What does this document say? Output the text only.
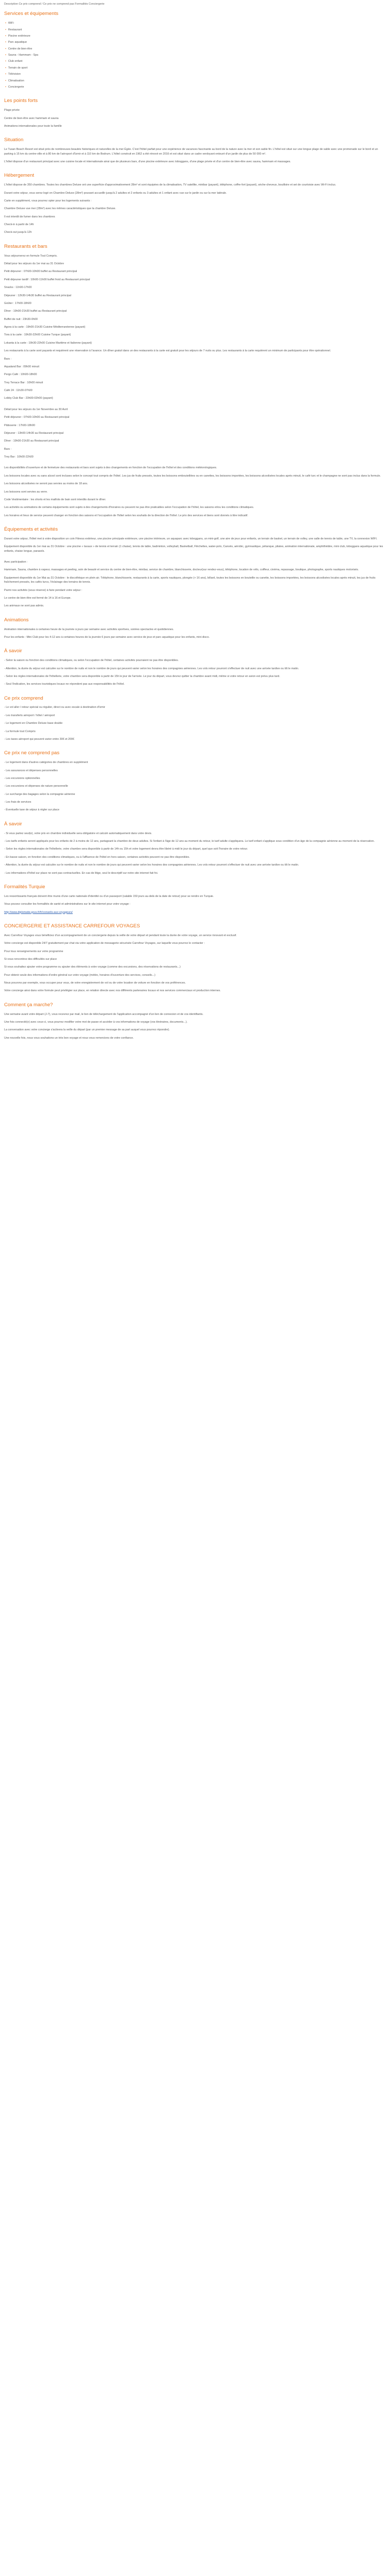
Description Ce prix comprend / Ce prix ne comprend pas Formalités Conciergerie
Services et équipements
• WiFi
• Restaurant
• Piscine extérieure
• Parc aquatique
• Centre de bien-être
• Sauna - Hammam - Spa
• Club enfant
• Terrain de sport
• Télévision
• Climatisation
• Conciergerie
Les points forts
Plage privée
Centre de bien-être avec hammam et sauna
Animations internationales pour toute la famille
Situation

Le Tusan Beach Resort est situé près de nombreuses beautés historiques et naturelles de la mer Égée. C'est l'hôtel parfait pour une expérience de vacances fascinante au bord de la nature avec la mer et son sable fin. L'hôtel est situé sur une longue plage de sable avec une promenade sur le bord et un parking à 15 km du centre-ville et à 80 km de l'aéroport d'Izmir et à 110 km de Bodrum. L'hôtel construit en 1962 a été rénové en 2016 et est situé dans un cadre verdoyant entouré d'un jardin de plus de 50 000 m².

L'hôtel dispose d'un restaurant principal avec une cuisine locale et internationale ainsi que de plusieurs bars, d'une piscine extérieure avec toboggans, d'une plage privée et d'un centre de bien-être avec sauna, hammam et massages.

Hébergement

L'hôtel dispose de 350 chambres. Toutes les chambres Deluxe ont une superficie d'approximativement 28m² et sont équipées de la climatisation, TV satellite, minibar (payant), téléphone, coffre-fort (payant), sèche-cheveux, bouilloire et set de courtoisie avec Wi-Fi inclus.

Durant votre séjour, vous serez logé en Chambre Deluxe (28m²) pouvant accueillir jusqu'à 2 adultes et 2 enfants ou 3 adultes et 1 enfant avec vue sur le jardin ou sur la mer latérale.

Carte en supplément, vous pourrez opter pour les logements suivants :

Chambre Deluxe vue mer (28m²) avec les mêmes caractéristiques que la chambre Deluxe.

Il est interdit de fumer dans les chambres

Check-in à partir de 14h

Check-out jusqu'à 12h

Restaurants et bars

Vous séjournerez en formule Tout Compris.

Détail pour les séjours du 1er mai au 31 Octobre

Petit déjeuner : 07h00-10h00 buffet au Restaurant principal
Petit déjeuner tardif : 10h00-11h00 buffet froid au Restaurant principal
Snacks : 11h00-17h00
Déjeuner : 12h30-14h30 buffet au Restaurant principal
Goûter : 17h00-18h00
Dîner : 19h00-21h30 buffet au Restaurant principal
Buffet de nuit : 23h30-0h00
Agora à la carte : 19h00-21h30 Cuisine Méditerranéenne (payant)
Tora à la carte : 19h30-22h00 Cuisine Turque (payant)
Lokanta à la carte : 19h30-22h00 Cuisine Maritime et Italienne (payant)

Les restaurants à la carte sont payants et requièrent une réservation à l'avance. Un dîner gratuit dans un des restaurants à la carte est gratuit pour les séjours de 7 nuits ou plus. Les restaurants à la carte requièrent un minimum de participants pour être opérationnel.

Bars :

Aqualand Bar : 09h00 minuit
Pergo Café : 10h00-18h00
Trey Terrace Bar : 10h00 minuit
Café 24 : 11h30-07h00
Lobby Club Bar : 23h00-02h00 (payant)

Détail pour les séjours du 1er Novembre au 30 Avril

Petit déjeuner : 07h00-10h00 au Restaurant principal
Pâtisserie : 17h00-18h00
Déjeuner : 13h00-14h30 au Restaurant principal
Dîner : 19h00-21h30 au Restaurant principal

Bars :

Trey Bar : 10h00-22h00

Les disponibilités d'ouverture et de fermeture des restaurants et bars sont sujets à des changements en fonction de l'occupation de l'hôtel et des conditions météorologiques.

Les boissons locales avec ou sans alcool sont incluses selon le concept tout compris de l'hôtel. Les jus de fruits pressés, toutes les boissons embouteillées ou en canettes, les boissons importées, les boissons alcoolisées locales après minuit, le café turc et le champagne ne sont pas inclus dans la formule.

Les boissons alcoolisées ne seront pas servies au moins de 18 ans.

Les boissons sont servies au verre.

Code Vestimentaire : les shorts et les maillots de bain sont interdits durant le dîner.

Les activités ou animations de certains équipements sont sujets à des changements d'horaires ou peuvent ne pas être praticables selon l'occupation de l'hôtel, les saisons et/ou les conditions climatiques.

Les horaires et lieux de service peuvent changer en fonction des saisons et l'occupation de l'hôtel selon les souhaits de la direction de l'hôtel. Le prix des services et biens sont donnés à titre indicatif.

Équipements et activités

Durant votre séjour, l'hôtel met à votre disposition un coin Fitness extérieur, une piscine principale extérieure, une piscine intérieure, un aquaparc avec toboggans, un mini-golf, une aire de jeux pour enfants, un terrain de basket, un terrain de volley, une salle de tennis de table, une TV, la connexion WIFI.

Équipement disponible du 1er mai au 31 Octobre : une piscine « lavaux » de tennis et terrain (1 chaise), tennis de table, badminton, volleyball, Basketball, Fléchettes, water-polo, Canoës, aérobic, gymnastique, pétanque, pilates, animation internationale, amphithéâtre, mini club, toboggans aquatique pour les enfants, chaise longue, parasols.

Avec participation :

Hammam, Sauna, chambre à vapeur, massages et peeling, soin de beauté et service du centre de bien-être, minibar, service de chambre, blanchisserie, docteur(sur rendez-vous), téléphone, location de vélo, coiffeur, cinéma, repassage, boutique, photographe, sports nautiques motorisés.

Équipement disponible du 1er Mai au 31 Octobre : le discothèque en plein air. Téléphone, blanchisserie, restaurants à la carte, sports nautiques, plongée (+ 16 ans), billard, toutes les boissons en bouteille ou canette, les boissons importées, les boissons alcoolisées locales après minuit, les jus de fruits fraîchement pressés, les cafés turcs, l'éclairage des terrains de tennis.

Parmi nos activités (sous réserve) à faire pendant votre séjour :

Le centre de bien-être est fermé de 14 à 16 et Europe.

Les animaux ne sont pas admis.

Animations

Animation internationales à certaines heure de la journée à jours par semaine avec activités sportives, soirées spectacles et quotidiennes.

Pour les enfants : Mini Club pour les 4-12 ans à certaines heures de la journée 6 jours par semaine avec service de jeux et parc aquatique pour les enfants, mini disco.

À savoir
- Selon la saison ou fonction des conditions climatiques, ou selon l'occupation de l'hôtel, certaines activités pourraient ne pas être disponibles.
- Attention, la durée du séjour est calculée sur le nombre de nuits et non le nombre de jours qui peuvent varier selon les horaires des compagnies aériennes. Les vols retour pourront s'effectuer de nuit avec une arrivée tardive ou tôt le matin.
- Selon les règles internationales de l'hôtellerie, votre chambre sera disponible à partir de 15h le jour de l'arrivée. Le jour du départ, vous devrez quitter la chambre avant midi, même si votre retour en avion est prévu plus tard.
- Seul l'indication, les services touristiques locaux ne répondent pas aux responsabilités de l'hôtel.
Ce prix comprend
- Le vol aller / retour spécial ou régulier, direct ou avec escale à destination d'Izmir
- Les transferts aéroport / hôtel / aéroport
- Le logement en Chambre Deluxe base double
- La formule tout Compris
- Les taxes aéroport qui peuvent varier entre 30€ et 200€
Ce prix ne comprend pas
- Le logement dans d'autres catégories de chambres en supplément
- Les assurances et dépenses personnelles
- Les excursions optionnelles
- Les excursions et dépenses de nature personnelle
- Le surcharge des bagages selon la compagnie aérienne
- Les frais de services
- Éventuelle taxe de séjour à régler sur place
À savoir
- Si vous partez seul(e), votre prix en chambre individuelle sera obligatoire et calculé automatiquement dans votre devis.
- Les tarifs enfants seront appliqués pour les enfants de 2 à moins de 12 ans, partageant la chambre de deux adultes. Si l'enfant à l'âge de 12 ans au moment du retour, le tarif adulte s'appliquera. Le tarif enfant s'applique sous condition d'un âge de la compagnie aérienne au moment de la réservation.
- Selon les règles internationales de l'hôtellerie, votre chambre sera disponible à partir de 14h ou 15h et votre logement devra être libéré à midi le jour du départ, quel que soit l'horaire de votre retour.
- En basse saison, en fonction des conditions climatiques, ou à l'affluence de l'hôtel en hors saison, certaines activités peuvent ne pas être disponibles.
- Attention, la durée du séjour est calculée sur le nombre de nuits et non le nombre de jours qui peuvent varier selon les horaires des compagnies aériennes. Les vols retour pourront s'effectuer de nuit avec une arrivée tardive ou tôt le matin.
- Les informations d'hôtel sur place ne sont pas contractuelles. En cas de litige, seul le descriptif sur notre site internet fait foi.
Formalités Turquie

Les ressortissants français doivent être munis d'une carte nationale d'identité ou d'un passeport (valable 150 jours au-delà de la date de retour) pour se rendre en Turquie.

Vous pouvez consulter les formalités de santé et administratives sur le site internet pour votre voyage :

http://www.diplomatie.gouv.fr/fr/conseils-aux-voyageurs/

CONCIERGERIE ET ASSISTANCE CARREFOUR VOYAGES

Avec Carrefour Voyages vous bénéficiez d'un accompagnement de un conciergerie depuis la veille de votre départ et pendant toute la durée de votre voyage, un service innovant et exclusif.

Votre concierge est disponible 24/7 gratuitement par chat via votre application de messagerie sécurisée Carrefour Voyages, sur laquelle vous pourrez le contacter :

Pour tous renseignements sur votre programme
Si vous rencontrez des difficultés sur place
Si vous souhaitez ajouter votre programme ou ajouter des éléments à votre voyage (comme des excursions, des réservations de restaurants...)
Pour obtenir seule des informations d'ordre général sur votre voyage (météo, horaires d'ouverture des services, conseils...)
Nous pouvons par exemple, vous occuper pour vous, de votre enregistrement de vol ou de votre location de voiture en fonction de vos préférences.

Votre concierge ainsi dans votre formule peut privilégier sur place, en relation directe avec nos différents partenaires locaux et nos services commerciaux et production internes.

Comment ça marche?

Une semaine avant votre départ (J-7), vous recevrez par mail, le lien de téléchargement de l'application accompagné d'un lien de connexion et de vos identifiants.

Une fois connecté(e) avec ceux-ci, vous pourrez modifier votre mot de passe et accéder à vos informations de voyage (vos itinéraires, documents...).

La conversation avec votre concierge s'activera la veille du départ (par un premier message de sa part auquel vous pourrez répondre).

Une nouvelle fois, nous vous souhaitons un très bon voyage et nous vous remercions de votre confiance.
